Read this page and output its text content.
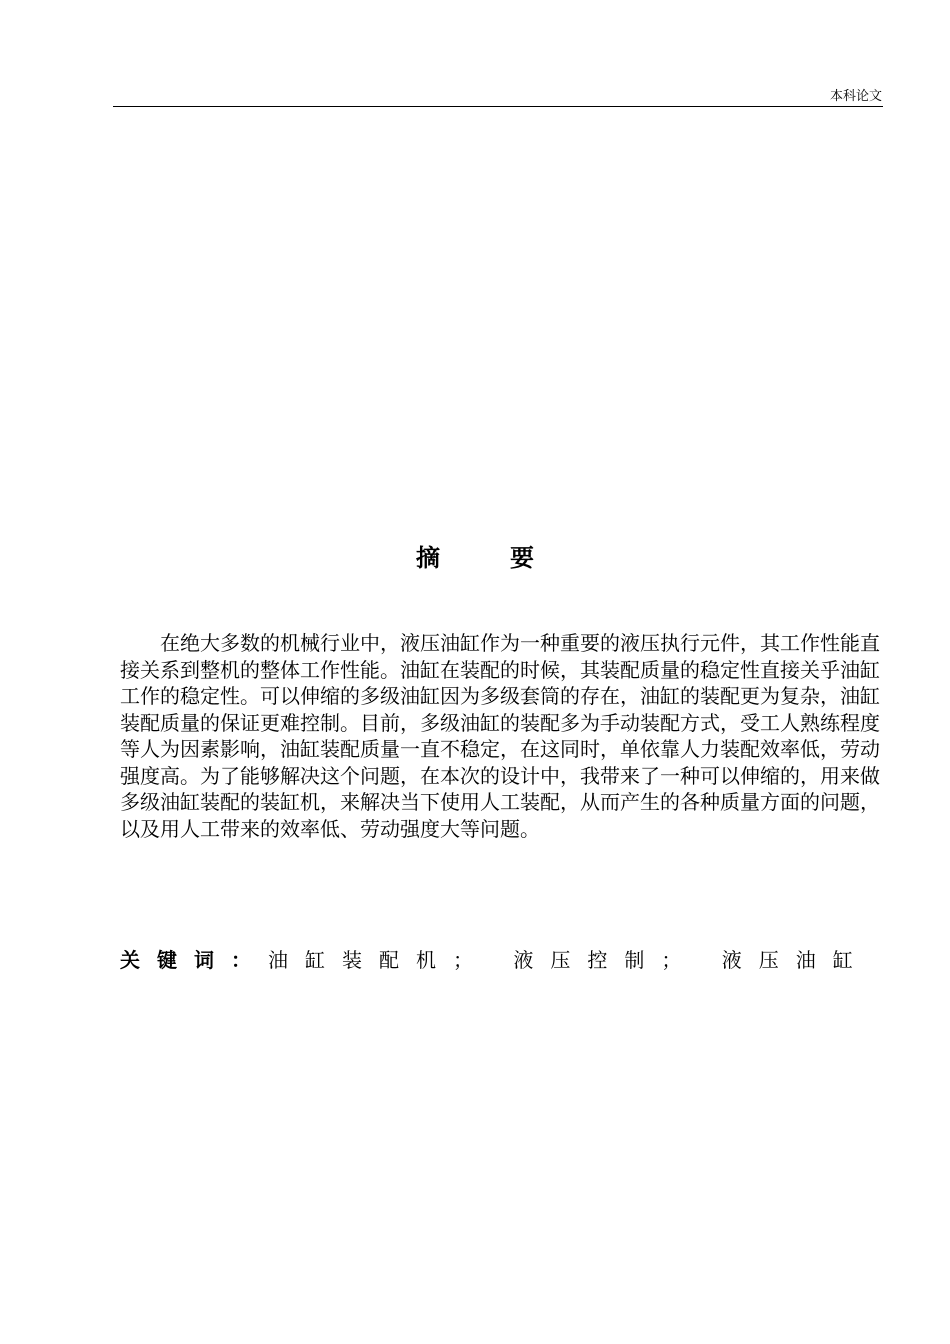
本科论文
摘	要

在绝大多数的机械行业中，液压油缸作为一种重要的液压执行元件，其工作性能直接关系到整机的整体工作性能。油缸在装配的时候，其装配质量的稳定性直接关乎油缸工作的稳定性。可以伸缩的多级油缸因为多级套筒的存在，油缸的装配更为复杂，油缸装配质量的保证更难控制。目前，多级油缸的装配多为手动装配方式，受工人熟练程度等人为因素影响，油缸装配质量一直不稳定，在这同时，单依靠人力装配效率低，劳动强度高。为了能够解决这个问题，在本次的设计中，我带来了一种可以伸缩的，用来做多级油缸装配的装缸机，来解决当下使用人工装配，从而产生的各种质量方面的问题，以及用人工带来的效率低、劳动强度大等问题。

关键词：油缸装配机； 液压控制； 液压油缸
